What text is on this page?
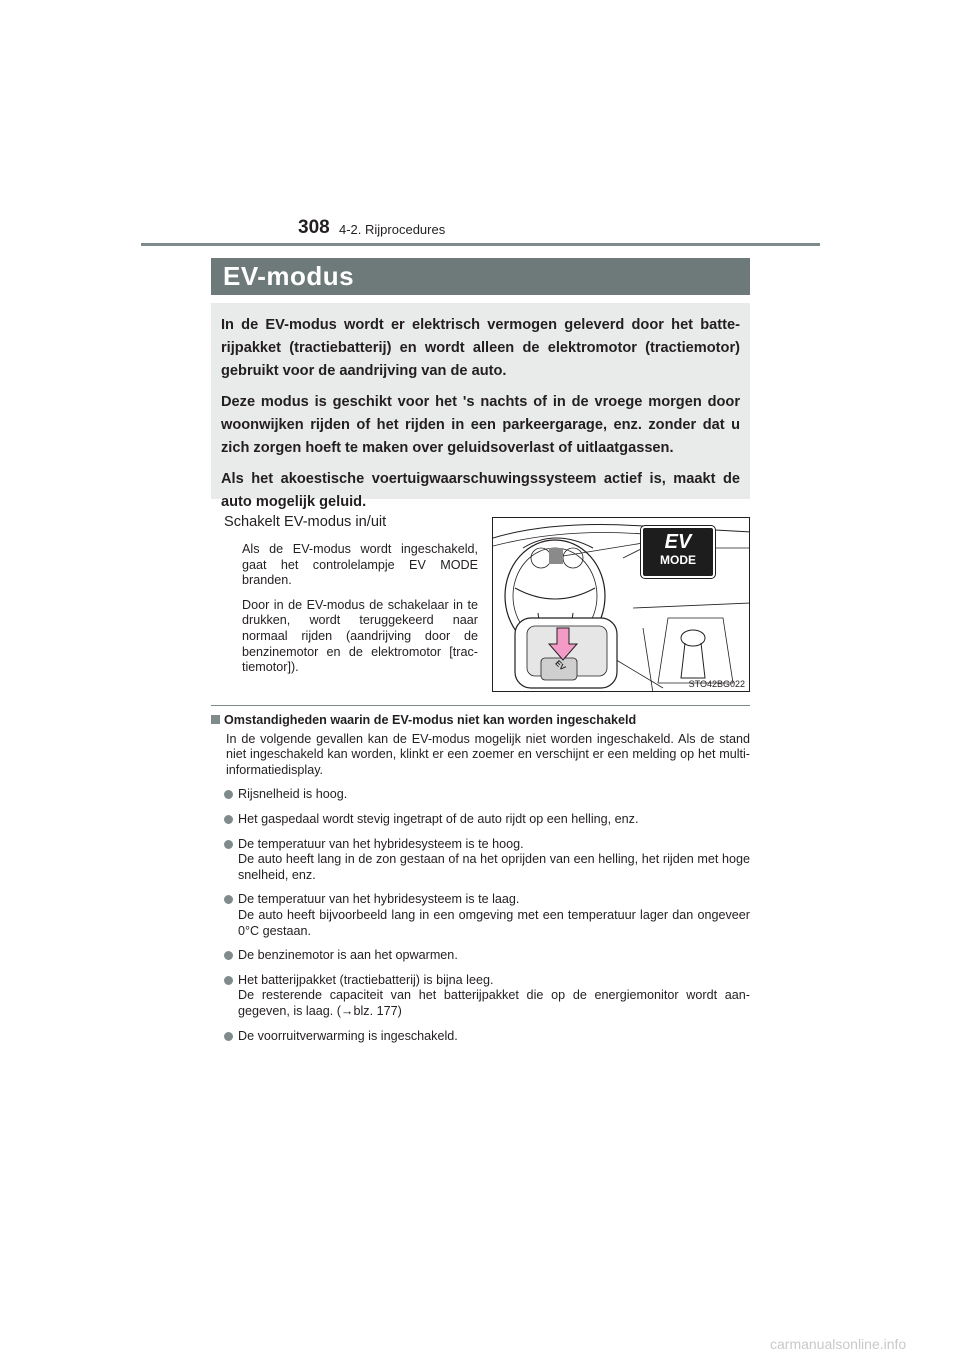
308 4-2. Rijprocedures
EV-modus

In de EV-modus wordt er elektrisch vermogen geleverd door het batte-rijpakket (tractiebatterij) en wordt alleen de elektromotor (tractiemotor) gebruikt voor de aandrijving van de auto.

Deze modus is geschikt voor het 's nachts of in de vroege morgen door woonwijken rijden of het rijden in een parkeergarage, enz. zonder dat u zich zorgen hoeft te maken over geluidsoverlast of uitlaatgassen.

Als het akoestische voertuigwaarschuwingssysteem actief is, maakt de auto mogelijk geluid.

Schakelt EV-modus in/uit

Als de EV-modus wordt ingeschakeld, gaat het controlelampje EV MODE branden.

Door in de EV-modus de schakelaar in te drukken, wordt teruggekeerd naar normaal rijden (aandrijving door de benzinemotor en de elektromotor [trac-tiemotor]).	EV
EV
MODE
STO42BG022
Omstandigheden waarin de EV-modus niet kan worden ingeschakeld
In de volgende gevallen kan de EV-modus mogelijk niet worden ingeschakeld. Als de stand niet ingeschakeld kan worden, klinkt er een zoemer en verschijnt er een melding op het multi-informatiedisplay.
Rijsnelheid is hoog.
Het gaspedaal wordt stevig ingetrapt of de auto rijdt op een helling, enz.
De temperatuur van het hybridesysteem is te hoog.
De auto heeft lang in de zon gestaan of na het oprijden van een helling, het rijden met hoge snelheid, enz.
De temperatuur van het hybridesysteem is te laag.
De auto heeft bijvoorbeeld lang in een omgeving met een temperatuur lager dan ongeveer 0°C gestaan.
De benzinemotor is aan het opwarmen.
Het batterijpakket (tractiebatterij) is bijna leeg.
De resterende capaciteit van het batterijpakket die op de energiemonitor wordt aan-gegeven, is laag. (→blz. 177)
De voorruitverwarming is ingeschakeld.
carmanualsonline.info
